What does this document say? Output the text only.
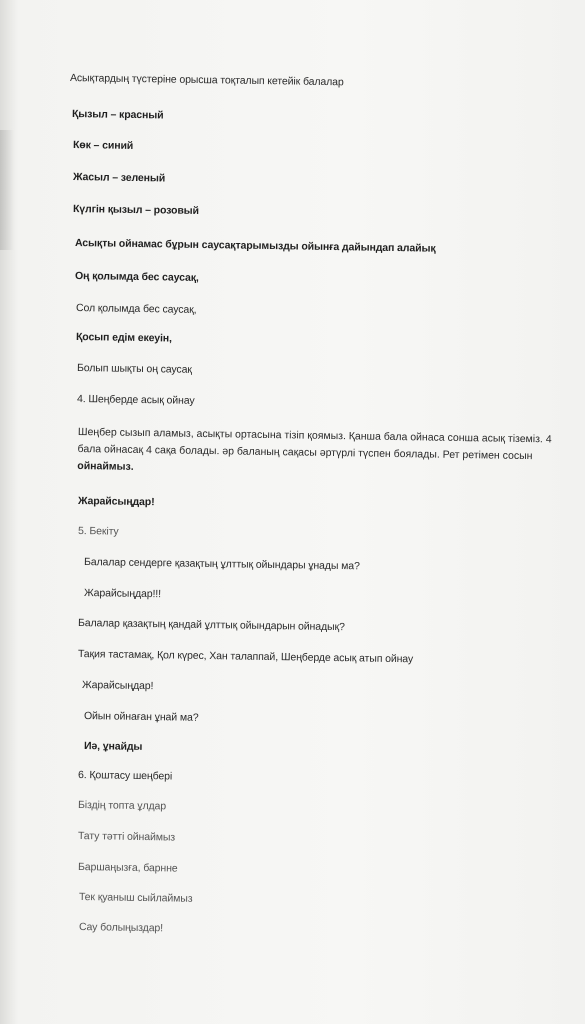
Асықтардың түстеріне орысша тоқталып кетейік балалар
Қызыл – красный
Көк – синий
Жасыл – зеленый
Күлгін қызыл – розовый
Асықты ойнамас бұрын саусақтарымызды ойынға дайындап алайық
Оң қолымда бес саусақ,
Сол қолымда бес саусақ,
Қосып едім екеуін,
Болып шықты оң саусақ
4. Шеңберде асық ойнау
Шеңбер сызып аламыз, асықты ортасына тізіп қоямыз. Қанша бала ойнаса сонша асық тіземіз. 4
бала ойнасақ 4 сақа болады. әр баланың сақасы әртүрлі түспен боялады. Рет ретімен сосын
ойнаймыз.
Жарайсыңдар!
5. Бекіту
Балалар сендерге қазақтың ұлттық ойындары ұнады ма?
Жарайсыңдар!!!
Балалар қазақтың қандай ұлттық ойындарын ойнадық?
Тақия тастамақ, Қол күрес, Хан талаппай, Шеңберде асық атып ойнау
Жарайсыңдар!
Ойын ойнаған ұнай ма?
Иә, ұнайды
6. Қоштасу шеңбері
Біздің топта ұлдар
Тату тәтті ойнаймыз
Баршаңызға, барнне
Тек қуаныш сыйлаймыз
Сау болыңыздар!
